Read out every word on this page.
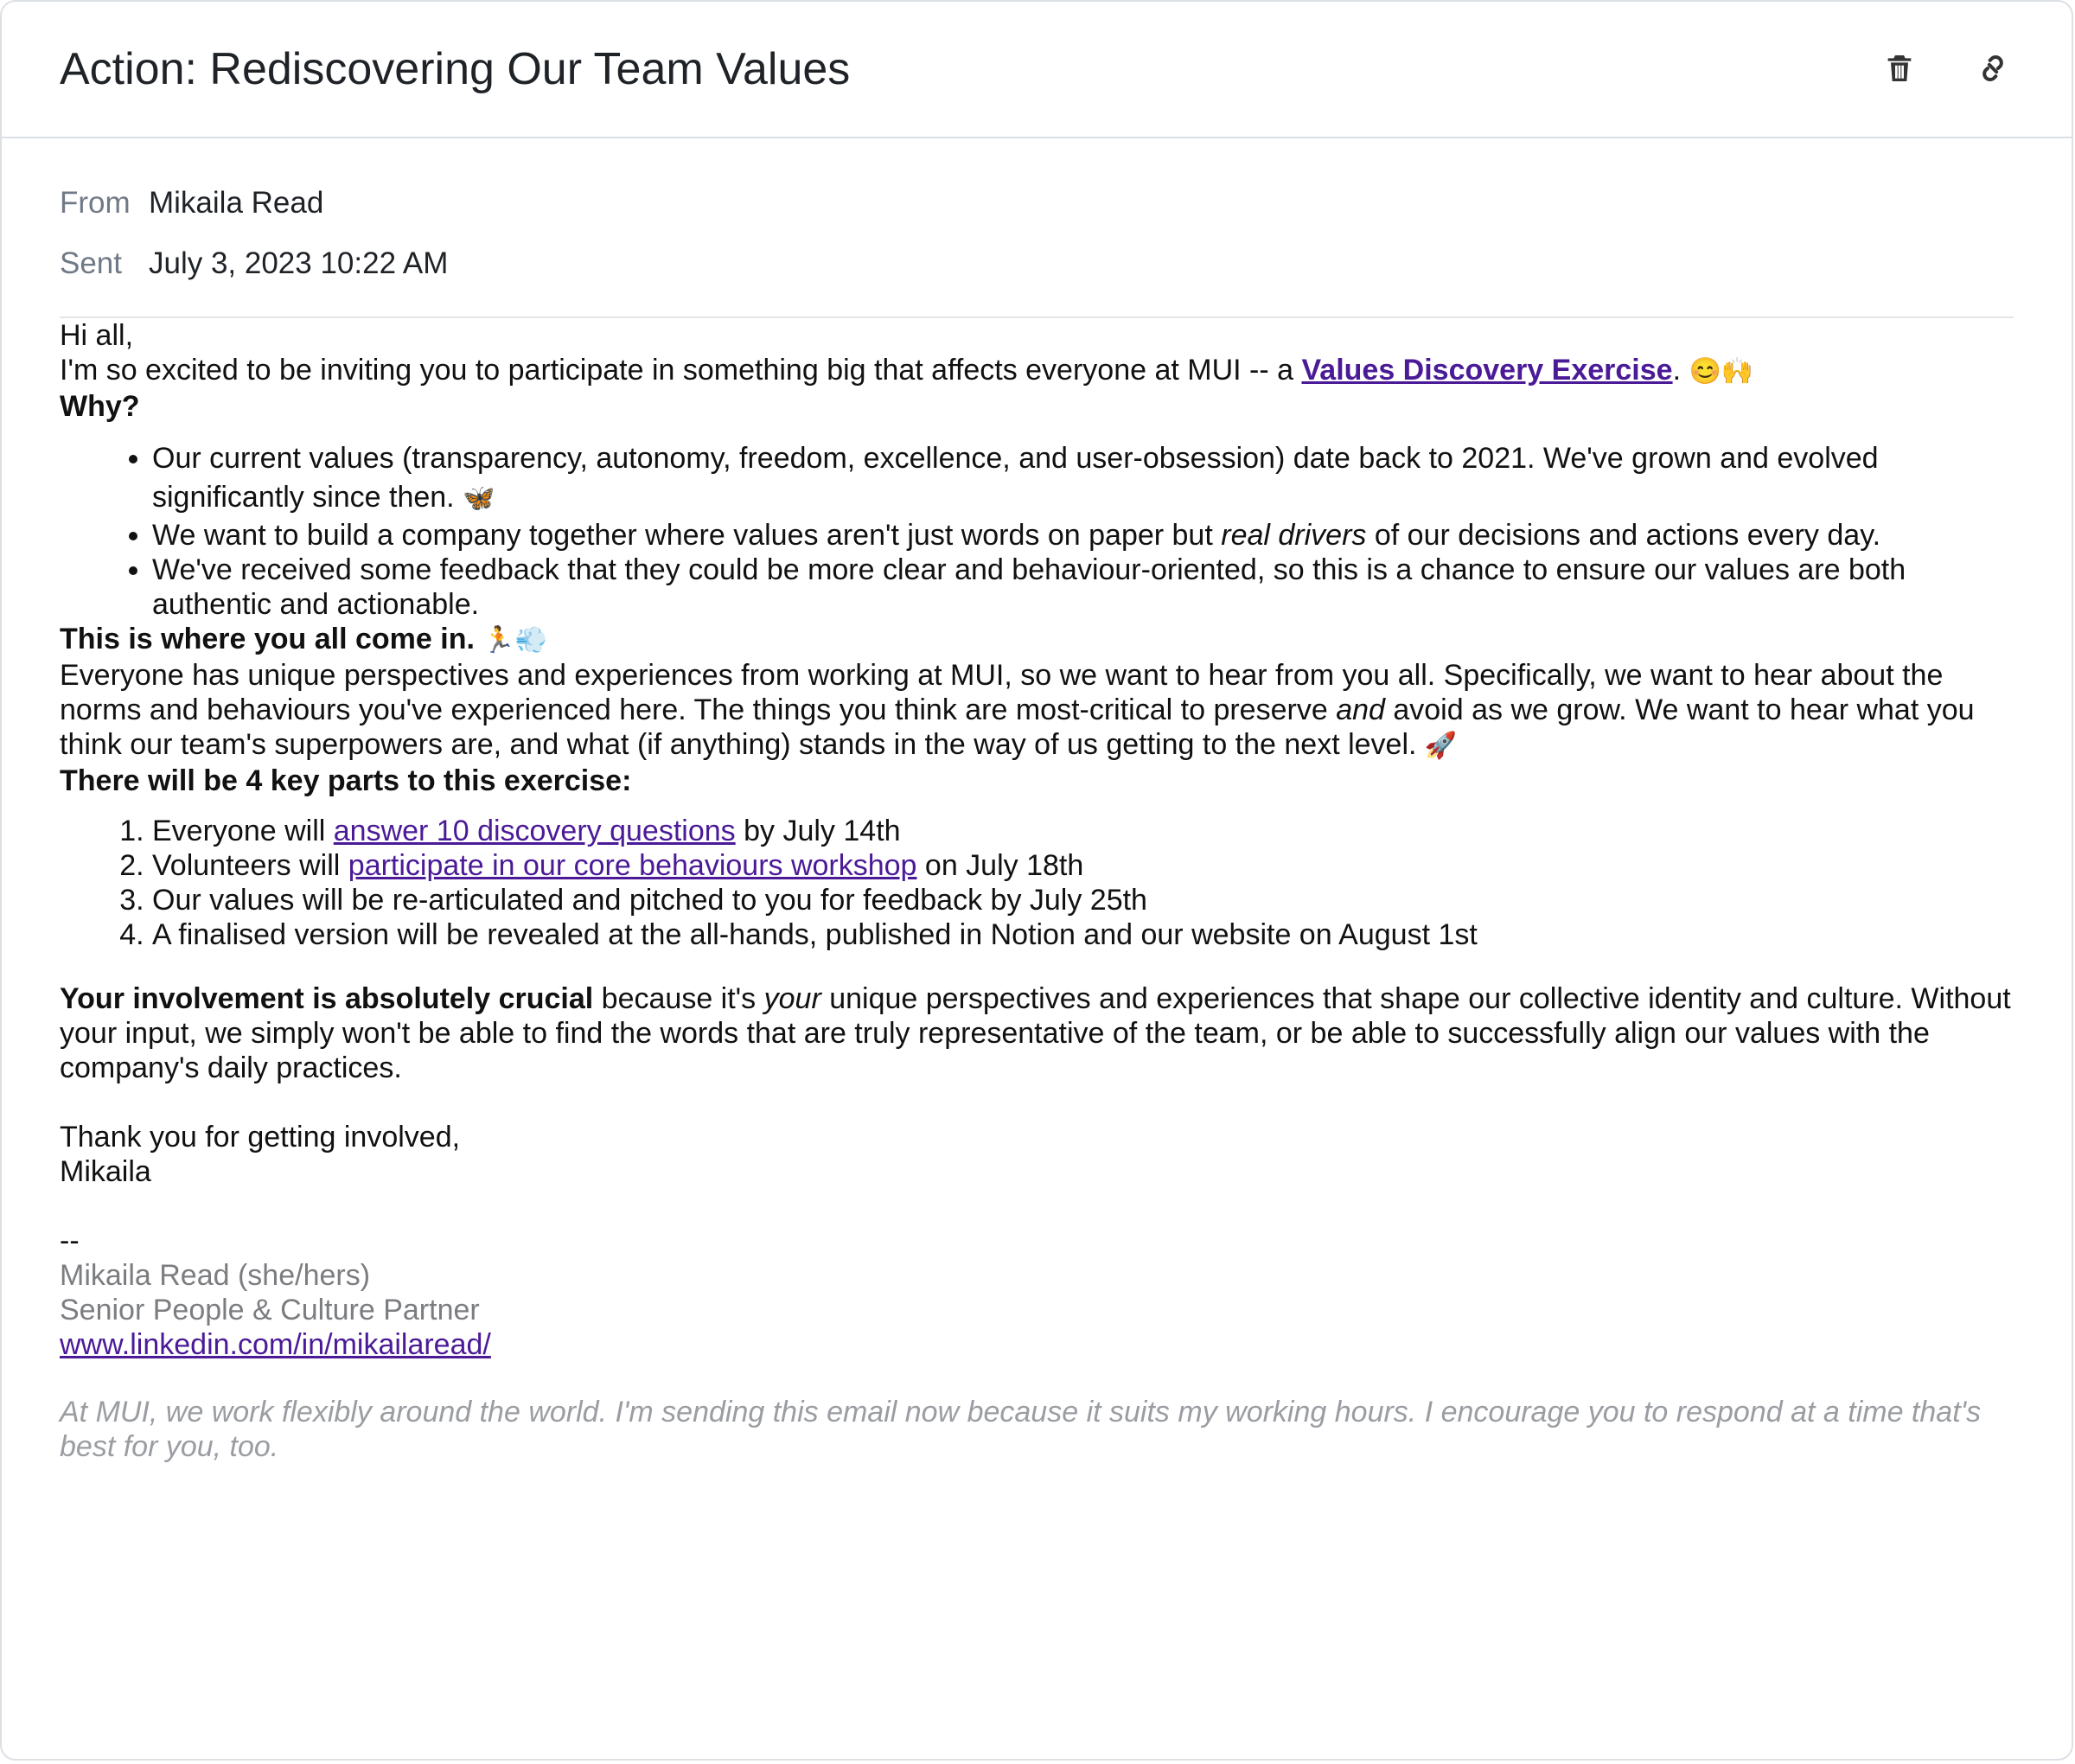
Action: Rediscovering Our Team Values
From Mikaila Read
Sent July 3, 2023 10:22 AM

Hi all,

I'm so excited to be inviting you to participate in something big that affects everyone at MUI -- a Values Discovery Exercise. 😊🙌

Why?

• Our current values (transparency, autonomy, freedom, excellence, and user-obsession) date back to 2021. We've grown and evolved significantly since then. 🦋
• We want to build a company together where values aren't just words on paper but real drivers of our decisions and actions every day.
• We've received some feedback that they could be more clear and behaviour-oriented, so this is a chance to ensure our values are both authentic and actionable.

This is where you all come in. 🏃💨

Everyone has unique perspectives and experiences from working at MUI, so we want to hear from you all. Specifically, we want to hear about the norms and behaviours you've experienced here. The things you think are most-critical to preserve and avoid as we grow. We want to hear what you think our team's superpowers are, and what (if anything) stands in the way of us getting to the next level. 🚀

There will be 4 key parts to this exercise:

1. Everyone will answer 10 discovery questions by July 14th
2. Volunteers will participate in our core behaviours workshop on July 18th
3. Our values will be re-articulated and pitched to you for feedback by July 25th
4. A finalised version will be revealed at the all-hands, published in Notion and our website on August 1st

Your involvement is absolutely crucial because it's your unique perspectives and experiences that shape our collective identity and culture. Without your input, we simply won't be able to find the words that are truly representative of the team, or be able to successfully align our values with the company's daily practices.

Thank you for getting involved,

Mikaila

--

Mikaila Read (she/hers)

Senior People & Culture Partner

www.linkedin.com/in/mikailaread/

At MUI, we work flexibly around the world. I'm sending this email now because it suits my working hours. I encourage you to respond at a time that's best for you, too.
